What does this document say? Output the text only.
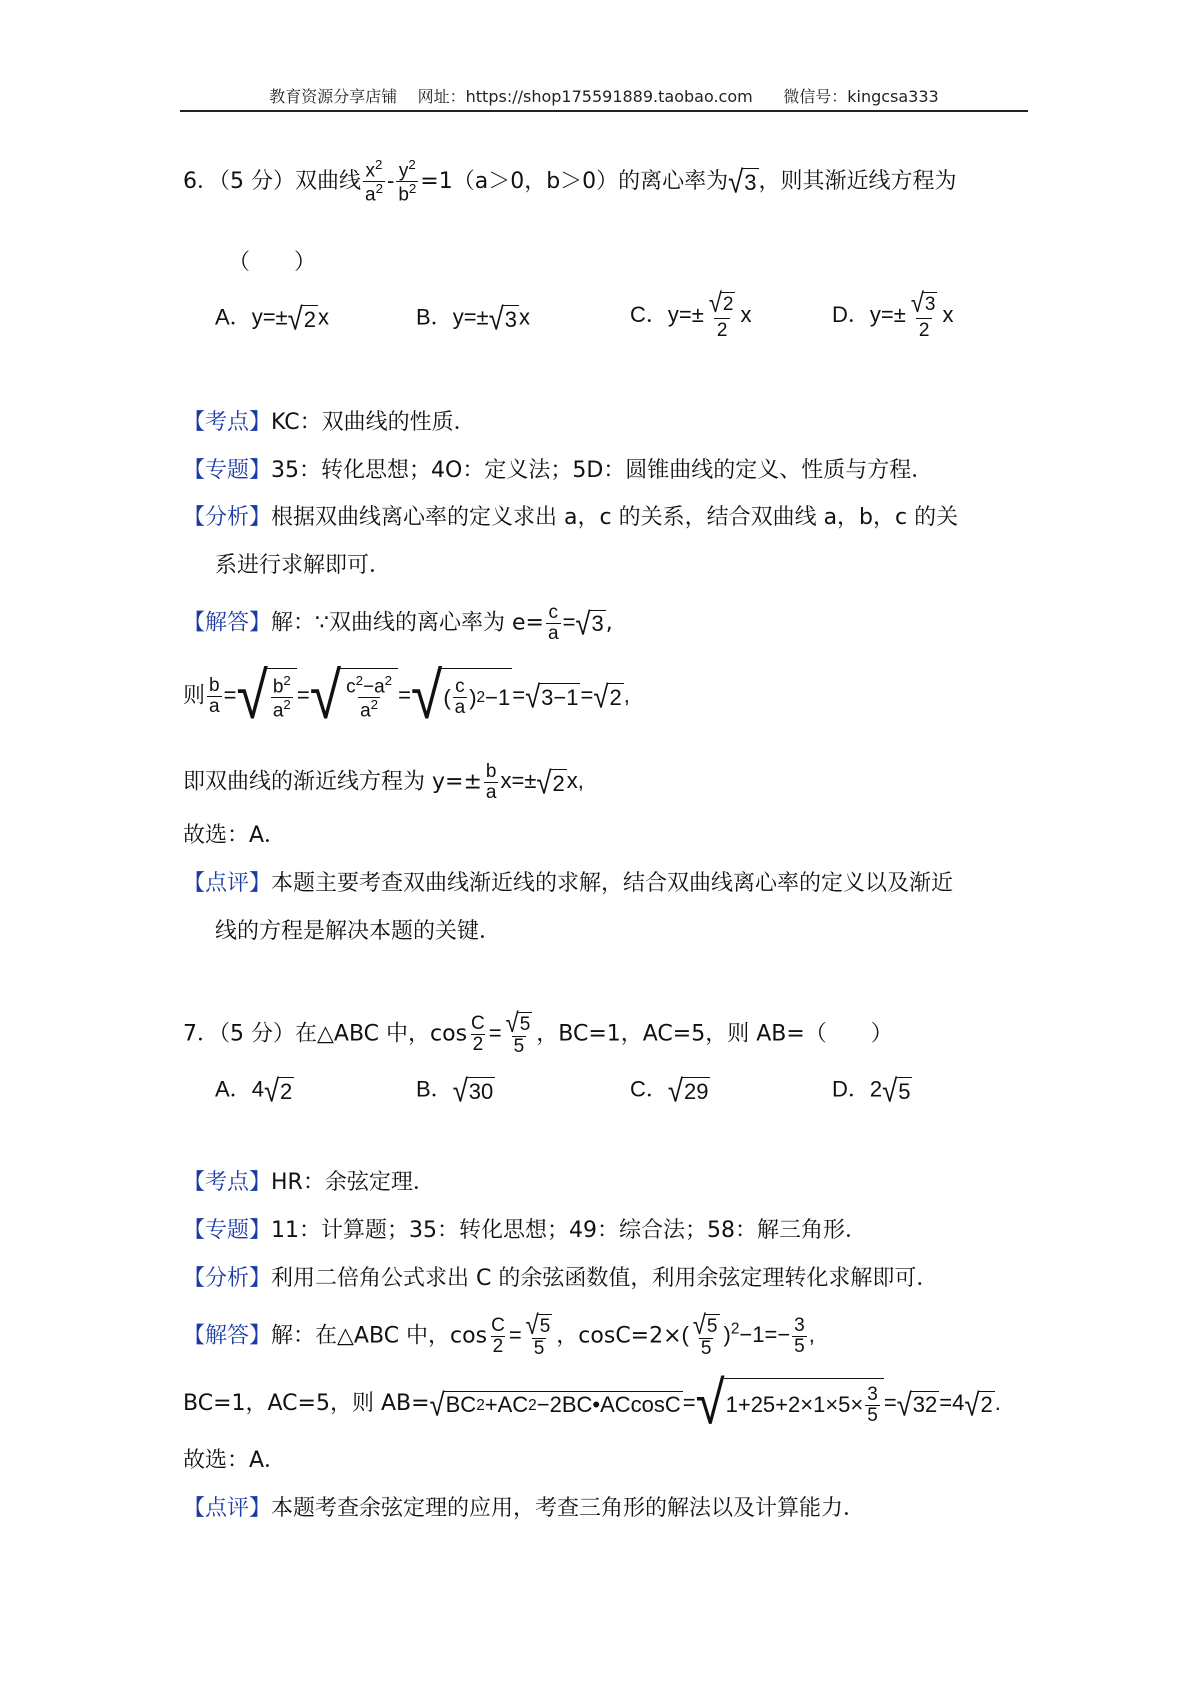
教育资源分享店铺 网址：https://shop175591889.taobao.com 微信号：kingcsa333
6．（5 分）双曲线 $\frac{x^2}{a^2} - \frac{y^2}{b^2} =1(a>0$，b＞0）的离心率为 √ 3 ，则其渐近线方程为
（　　）
A．y=± √ 2 x	B．y=± √ 3 x	C．$y=\pm \frac{√ 2}{2}$ x	D．$y=\pm \frac{√ 3}{2}$ x
【考点】KC：双曲线的性质．
【专题】35：转化思想；4O：定义法；5D：圆锥曲线的定义、性质与方程．
【分析】根据双曲线离心率的定义求出 a，c 的关系，结合双曲线 a，b，c 的关
系进行求解即可．
【解答】解：∵双曲线的离心率为 $e= \frac{c}{a}$ = √ 3 ,
则 $\frac{b}{a}$ = √ $\frac{b^2}{a^2}$ = √ $\frac{c^2-a^2}{a^2}$ = √ ( $\frac{c}{a}$ ) 2 −1 = √ 3−1 = √ 2 ,
即双曲线的渐近线方程为 $y=\pm \frac{b}{a} x=\pm$ √ 2 x,
故选：A．
【点评】本题主要考查双曲线渐近线的求解，结合双曲线离心率的定义以及渐近
线的方程是解决本题的关键．
7．（5 分）在△ABC 中，$\cos \frac{C}{2} = \frac{√ 5}{5}$ ，BC=1，AC=5，则 AB=（　　）
A．4 √ 2	B． √ 30	C． √ 29	D．2 √ 5
【考点】HR：余弦定理．
【专题】11：计算题；35：转化思想；49：综合法；58：解三角形．
【分析】利用二倍角公式求出 C 的余弦函数值，利用余弦定理转化求解即可．
【解答】解：在△ABC 中，$\cos \frac{C}{2} = \frac{√ 5}{5}$ ，$\cos C=2\times( \frac{√ 5}{5} )^2-1=- \frac{3}{5}$ ,
BC=1，AC=5，则 AB= √ BC 2 +AC 2 −2BC•ACcosC = √ $1+25+2\times 1\times 5\times \frac{3}{5}$ = √ 32 =4 √ 2 .
故选：A．
【点评】本题考查余弦定理的应用，考查三角形的解法以及计算能力．
